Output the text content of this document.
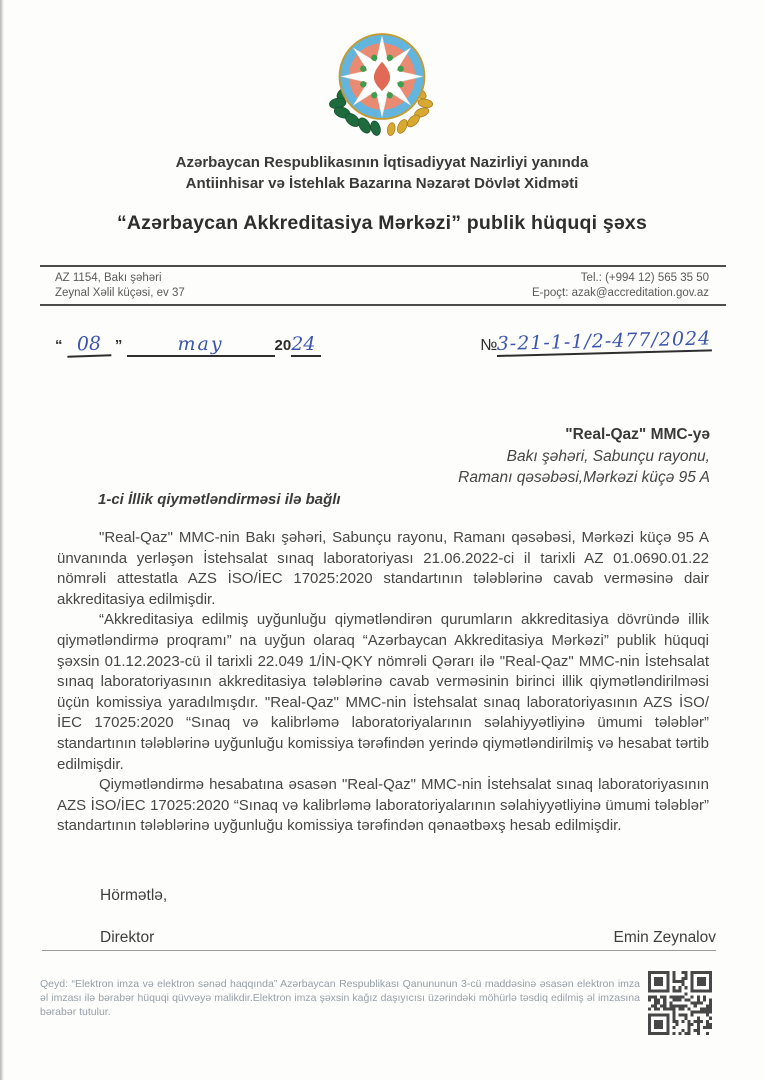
Azərbaycan Respublikasının İqtisadiyyat Nazirliyi yanında
Antiinhisar və İstehlak Bazarına Nəzarət Dövlət Xidməti
“Azərbaycan Akkreditasiya Mərkəzi” publik hüquqi şəxs
AZ 1154, Bakı şəhəri
Zeynal Xəlil küçəsi, ev 37
Tel.: (+994 12) 565 35 50
E-poçt: azak@accreditation.gov.az
“ 08 ”	may	2024	№3-21-1-1/2-477/2024
"Real-Qaz" MMC-yə
Bakı şəhəri, Sabunçu rayonu,
Ramanı qəsəbəsi,Mərkəzi küçə 95 A
1-ci İllik qiymətləndirməsi ilə bağlı

"Real-Qaz" MMC-nin Bakı şəhəri, Sabunçu rayonu, Ramanı qəsəbəsi, Mərkəzi küçə 95 A ünvanında yerləşən İstehsalat sınaq laboratoriyası 21.06.2022-ci il tarixli AZ 01.0690.01.22 nömrəli attestatla AZS İSO/İEC 17025:2020 standartının tələblərinə cavab verməsinə dair akkreditasiya edilmişdir.

“Akkreditasiya edilmiş uyğunluğu qiymətləndirən qurumların akkreditasiya dövründə illik qiymətləndirmə proqramı” na uyğun olaraq “Azərbaycan Akkreditasiya Mərkəzi” publik hüquqi şəxsin 01.12.2023-cü il tarixli 22.049 1/İN-QKY nömrəli Qərarı ilə "Real-Qaz" MMC-nin İstehsalat sınaq laboratoriyasının akkreditasiya tələblərinə cavab verməsinin birinci illik qiymətləndirilməsi üçün komissiya yaradılmışdır. "Real-Qaz" MMC-nin İstehsalat sınaq laboratoriyasının AZS İSO/İEC 17025:2020 “Sınaq və kalibrləmə laboratoriyalarının səlahiyyətliyinə ümumi tələblər” standartının tələblərinə uyğunluğu komissiya tərəfindən yerində qiymətləndirilmiş və hesabat tərtib edilmişdir.

Qiymətləndirmə hesabatına əsasən "Real-Qaz" MMC-nin İstehsalat sınaq laboratoriyasının AZS İSO/İEC 17025:2020 “Sınaq və kalibrləmə laboratoriyalarının səlahiyyətliyinə ümumi tələblər” standartının tələblərinə uyğunluğu komissiya tərəfindən qənaətbəxş hesab edilmişdir.

Hörmətlə,
Direktor	Emin Zeynalov
Qeyd: “Elektron imza və elektron sənəd haqqında” Azərbaycan Respublikası Qanununun 3-cü maddəsinə əsasən elektron imza əl imzası ilə bərabər hüquqi qüvvəyə malikdir.Elektron imza şəxsin kağız daşıyıcısı üzərindəki möhürlə təsdiq edilmiş əl imzasına bərabər tutulur.
